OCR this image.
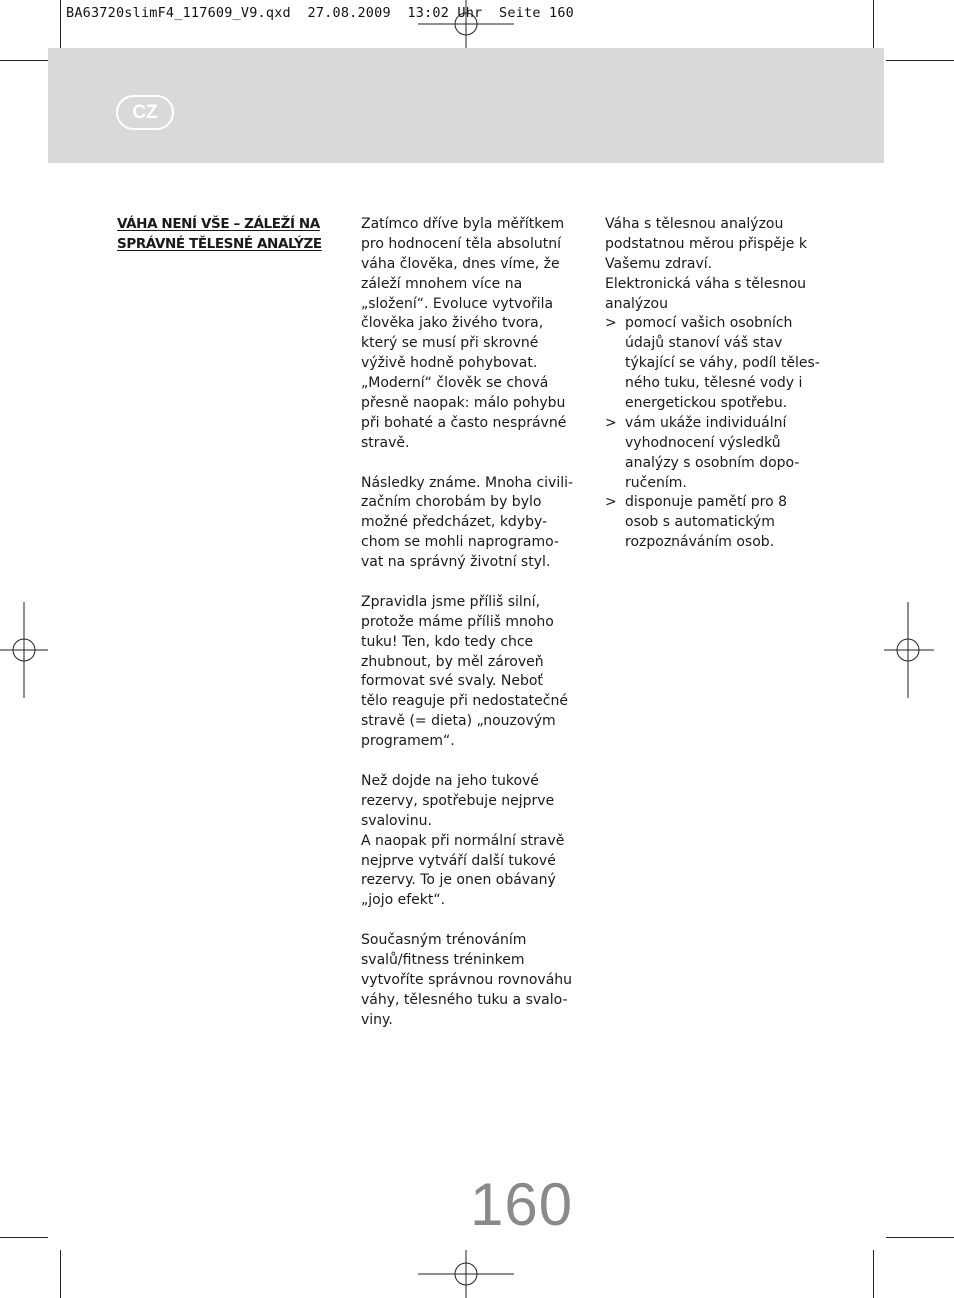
BA63720slimF4_117609_V9.qxd  27.08.2009  13:02 Uhr  Seite 160
CZ
VÁHA NENÍ VŠE – ZÁLEŽÍ NA
SPRÁVNÉ TĚLESNÉ ANALÝZE
Zatímco dříve byla měřítkem
pro hodnocení těla absolutní
váha člověka, dnes víme, že
záleží mnohem více na
„složení“. Evoluce vytvořila
člověka jako živého tvora,
který se musí při skrovné
výživě hodně pohybovat.
„Moderní“ člověk se chová
přesně naopak: málo pohybu
při bohaté a často nesprávné
stravě.
Následky známe. Mnoha civili-
začním chorobám by bylo
možné předcházet, kdyby-
chom se mohli naprogramo-
vat na správný životní styl.
Zpravidla jsme příliš silní,
protože máme příliš mnoho
tuku! Ten, kdo tedy chce
zhubnout, by měl zároveň
formovat své svaly. Neboť
tělo reaguje při nedostatečné
stravě (= dieta) „nouzovým
programem“.
Než dojde na jeho tukové
rezervy, spotřebuje nejprve
svalovinu.
A naopak při normální stravě
nejprve vytváří další tukové
rezervy. To je onen obávaný
„jojo efekt“.
Současným trénováním
svalů/fitness tréninkem
vytvoříte správnou rovnováhu
váhy, tělesného tuku a svalo-
viny.
Váha s tělesnou analýzou
podstatnou měrou přispěje k
Vašemu zdraví.
Elektronická váha s tělesnou
analýzou
> pomocí vašich osobních
údajů stanoví váš stav
týkající se váhy, podíl těles-
ného tuku, tělesné vody i
energetickou spotřebu.
> vám ukáže individuální
vyhodnocení výsledků
analýzy s osobním dopo-
ručením.
> disponuje pamětí pro 8
osob s automatickým
rozpoznáváním osob.
160
